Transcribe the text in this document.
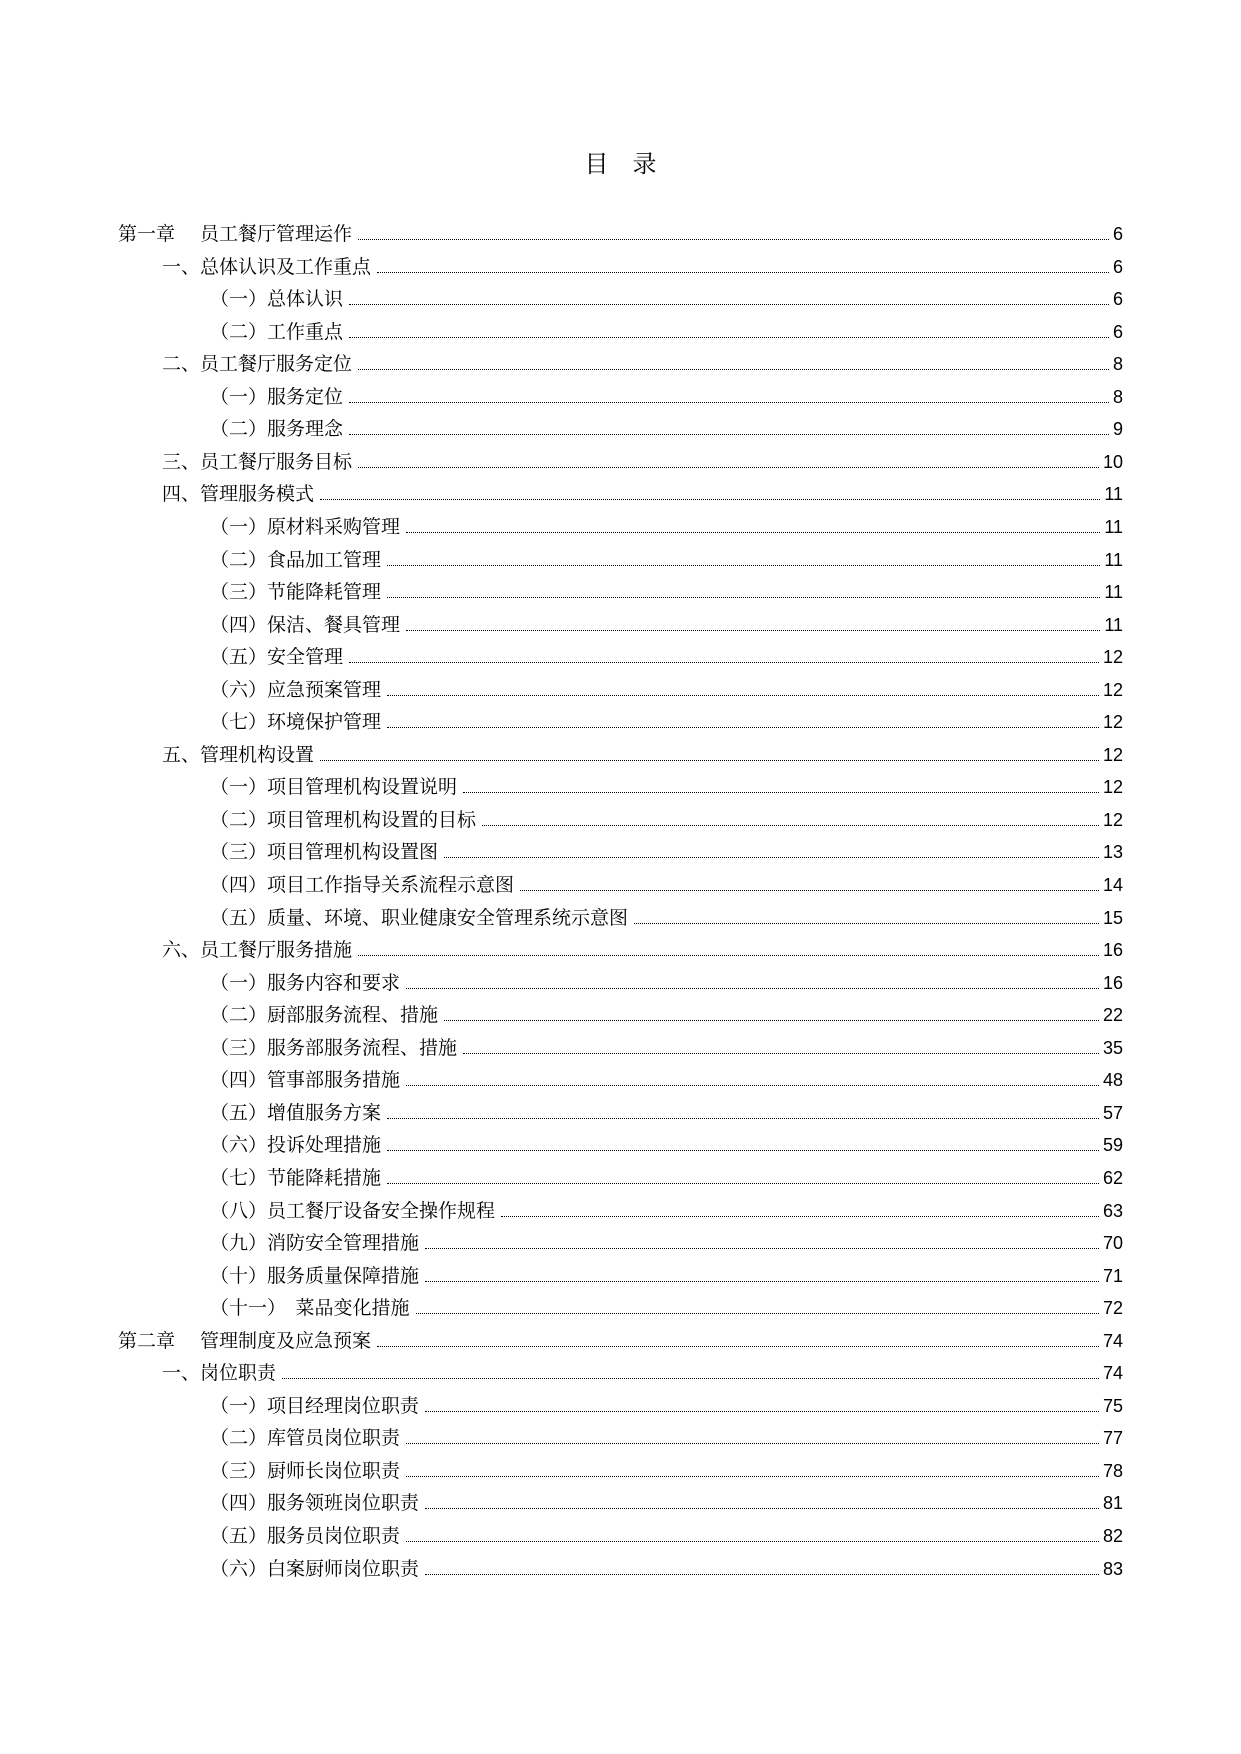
目　录
第一章　 员工餐厅管理运作	6
一、总体认识及工作重点	6
（一）总体认识	6
（二）工作重点	6
二、员工餐厅服务定位	8
（一）服务定位	8
（二）服务理念	9
三、员工餐厅服务目标	10
四、管理服务模式	11
（一）原材料采购管理	11
（二）食品加工管理	11
（三）节能降耗管理	11
（四）保洁、餐具管理	11
（五）安全管理	12
（六）应急预案管理	12
（七）环境保护管理	12
五、管理机构设置	12
（一）项目管理机构设置说明	12
（二）项目管理机构设置的目标	12
（三）项目管理机构设置图	13
（四）项目工作指导关系流程示意图	14
（五）质量、环境、职业健康安全管理系统示意图	15
六、员工餐厅服务措施	16
（一）服务内容和要求	16
（二）厨部服务流程、措施	22
（三）服务部服务流程、措施	35
（四）管事部服务措施	48
（五）增值服务方案	57
（六）投诉处理措施	59
（七）节能降耗措施	62
（八）员工餐厅设备安全操作规程	63
（九）消防安全管理措施	70
（十）服务质量保障措施	71
（十一）　菜品变化措施	72
第二章　 管理制度及应急预案	74
一、岗位职责	74
（一）项目经理岗位职责	75
（二）库管员岗位职责	77
（三）厨师长岗位职责	78
（四）服务领班岗位职责	81
（五）服务员岗位职责	82
（六）白案厨师岗位职责	83
